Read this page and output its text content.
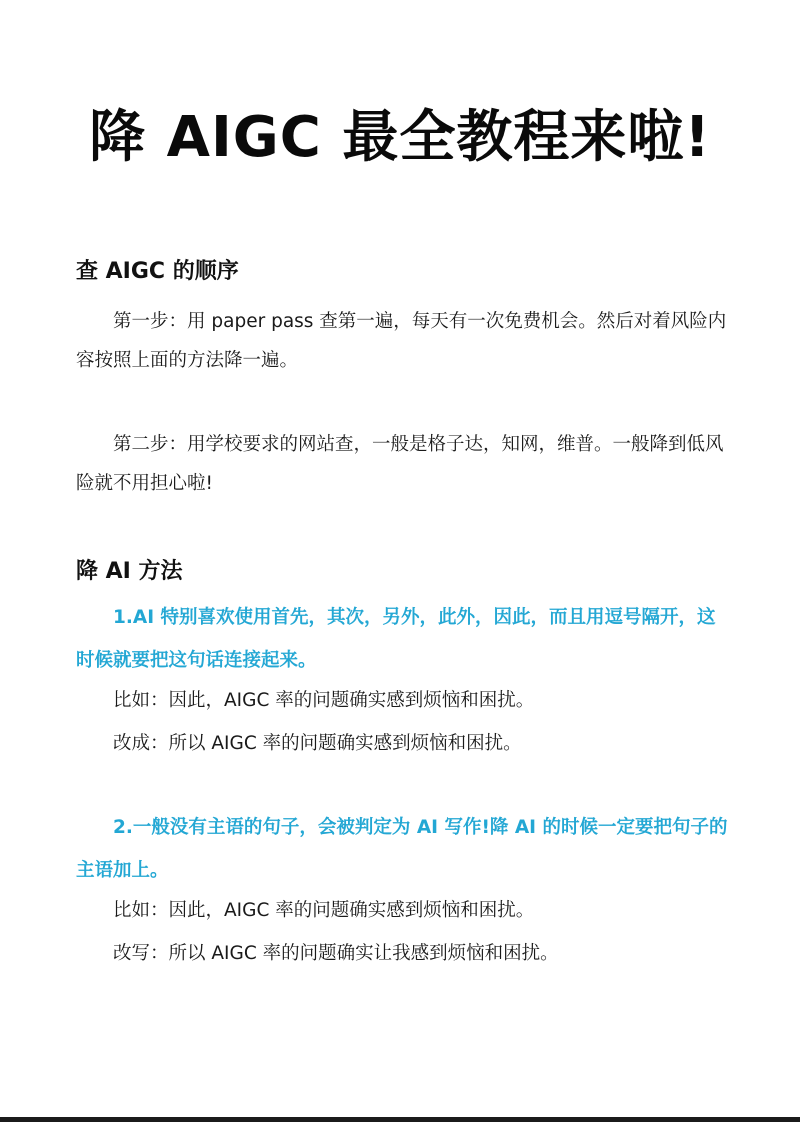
降 AIGC 最全教程来啦!
查 AIGC 的顺序

第一步：用 paper pass 查第一遍，每天有一次免费机会。然后对着风险内容按照上面的方法降一遍。

第二步：用学校要求的网站查，一般是格子达，知网，维普。一般降到低风险就不用担心啦!

降 AI 方法

1.AI 特别喜欢使用首先，其次，另外，此外，因此，而且用逗号隔开，这时候就要把这句话连接起来。

比如：因此，AIGC 率的问题确实感到烦恼和困扰。

改成：所以 AIGC 率的问题确实感到烦恼和困扰。

2.一般没有主语的句子，会被判定为 AI 写作!降 AI 的时候一定要把句子的主语加上。

比如：因此，AIGC 率的问题确实感到烦恼和困扰。

改写：所以 AIGC 率的问题确实让我感到烦恼和困扰。
